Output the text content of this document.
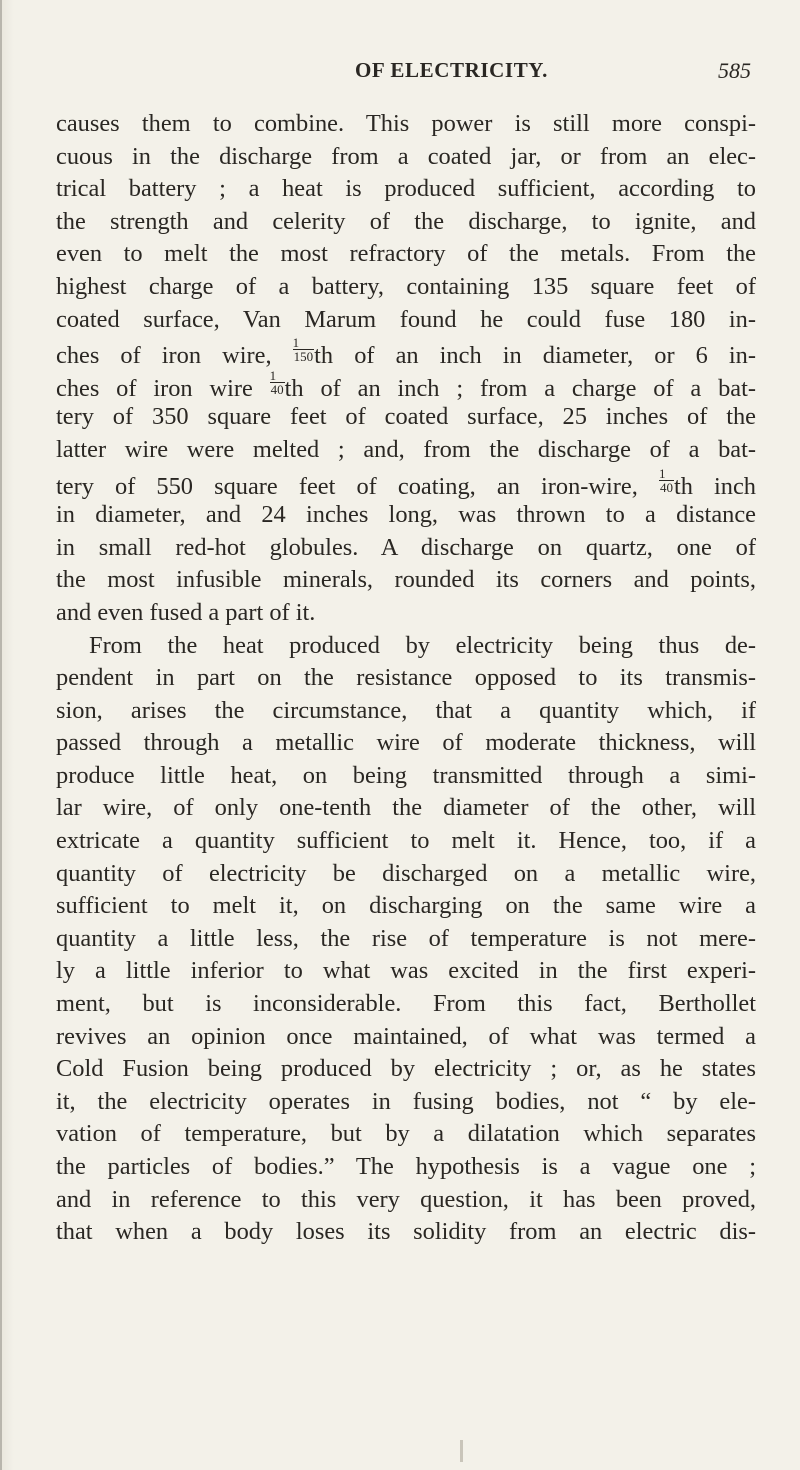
OF ELECTRICITY.	585
causes them to combine. This power is still more conspi-
cuous in the discharge from a coated jar, or from an elec-
trical battery ; a heat is produced sufficient, according to
the strength and celerity of the discharge, to ignite, and
even to melt the most refractory of the metals. From the
highest charge of a battery, containing 135 square feet of
coated surface, Van Marum found he could fuse 180 in-
ches of iron wire, $\frac{1}{150}$ th of an inch in diameter, or 6 in-
ches of iron wire $\frac{1}{40}$ th of an inch ; from a charge of a bat-
tery of 350 square feet of coated surface, 25 inches of the
latter wire were melted ; and, from the discharge of a bat-
tery of 550 square feet of coating, an iron-wire, $\frac{1}{40}$ th inch
in diameter, and 24 inches long, was thrown to a distance
in small red-hot globules. A discharge on quartz, one of
the most infusible minerals, rounded its corners and points,
and even fused a part of it.
From the heat produced by electricity being thus de-
pendent in part on the resistance opposed to its transmis-
sion, arises the circumstance, that a quantity which, if
passed through a metallic wire of moderate thickness, will
produce little heat, on being transmitted through a simi-
lar wire, of only one-tenth the diameter of the other, will
extricate a quantity sufficient to melt it. Hence, too, if a
quantity of electricity be discharged on a metallic wire,
sufficient to melt it, on discharging on the same wire a
quantity a little less, the rise of temperature is not mere-
ly a little inferior to what was excited in the first experi-
ment, but is inconsiderable. From this fact, Berthollet
revives an opinion once maintained, of what was termed a
Cold Fusion being produced by electricity ; or, as he states
it, the electricity operates in fusing bodies, not “ by ele-
vation of temperature, but by a dilatation which separates
the particles of bodies.” The hypothesis is a vague one ;
and in reference to this very question, it has been proved,
that when a body loses its solidity from an electric dis-
